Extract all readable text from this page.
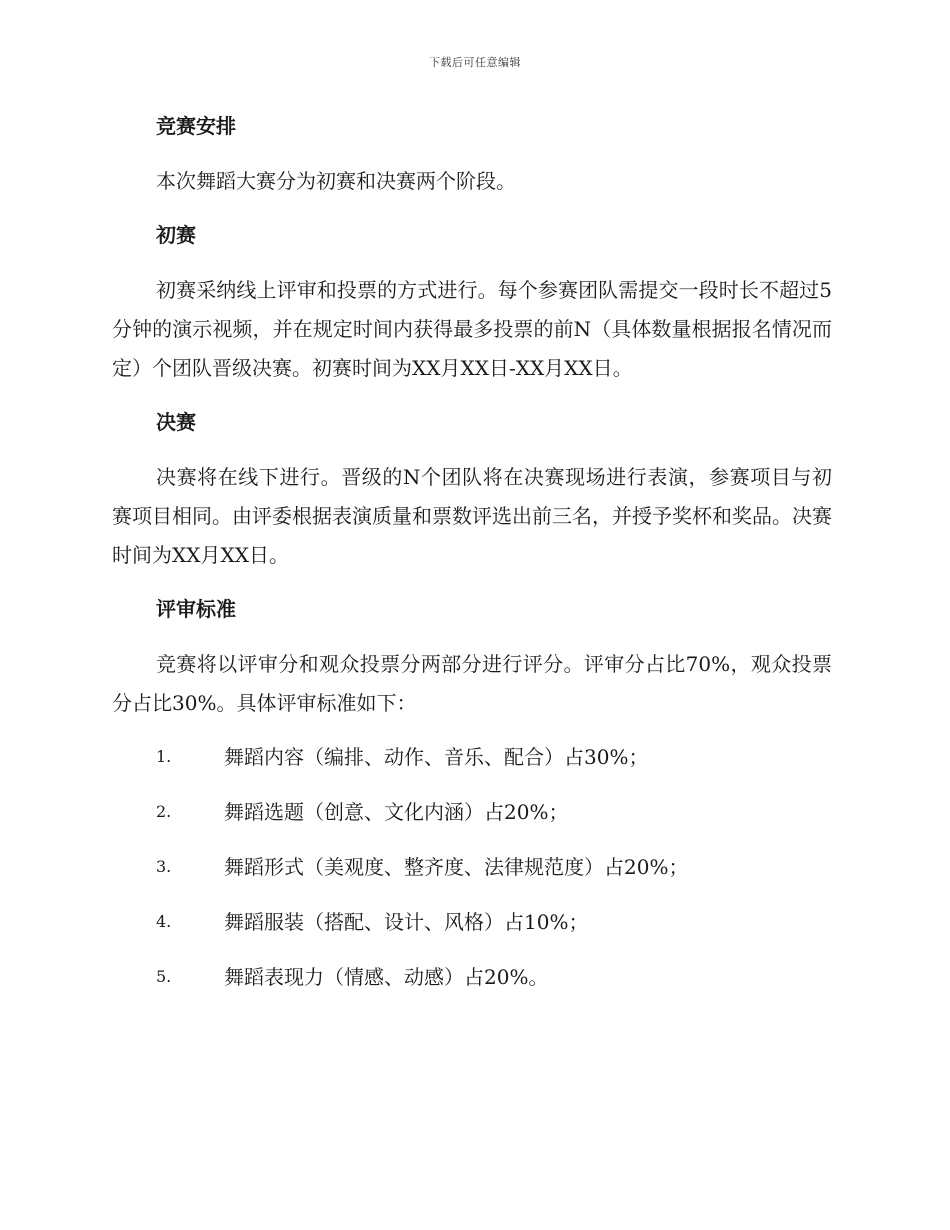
下载后可任意编辑
竞赛安排

本次舞蹈大赛分为初赛和决赛两个阶段。

初赛

初赛采纳线上评审和投票的方式进行。每个参赛团队需提交一段时长不超过5分钟的演示视频，并在规定时间内获得最多投票的前N（具体数量根据报名情况而定）个团队晋级决赛。初赛时间为XX月XX日-XX月XX日。

决赛

决赛将在线下进行。晋级的N个团队将在决赛现场进行表演，参赛项目与初赛项目相同。由评委根据表演质量和票数评选出前三名，并授予奖杯和奖品。决赛时间为XX月XX日。

评审标准

竞赛将以评审分和观众投票分两部分进行评分。评审分占比70%，观众投票分占比30%。具体评审标准如下：

1.	舞蹈内容（编排、动作、音乐、配合）占30%；
2.	舞蹈选题（创意、文化内涵）占20%；
3.	舞蹈形式（美观度、整齐度、法律规范度）占20%；
4.	舞蹈服装（搭配、设计、风格）占10%；
5.	舞蹈表现力（情感、动感）占20%。
